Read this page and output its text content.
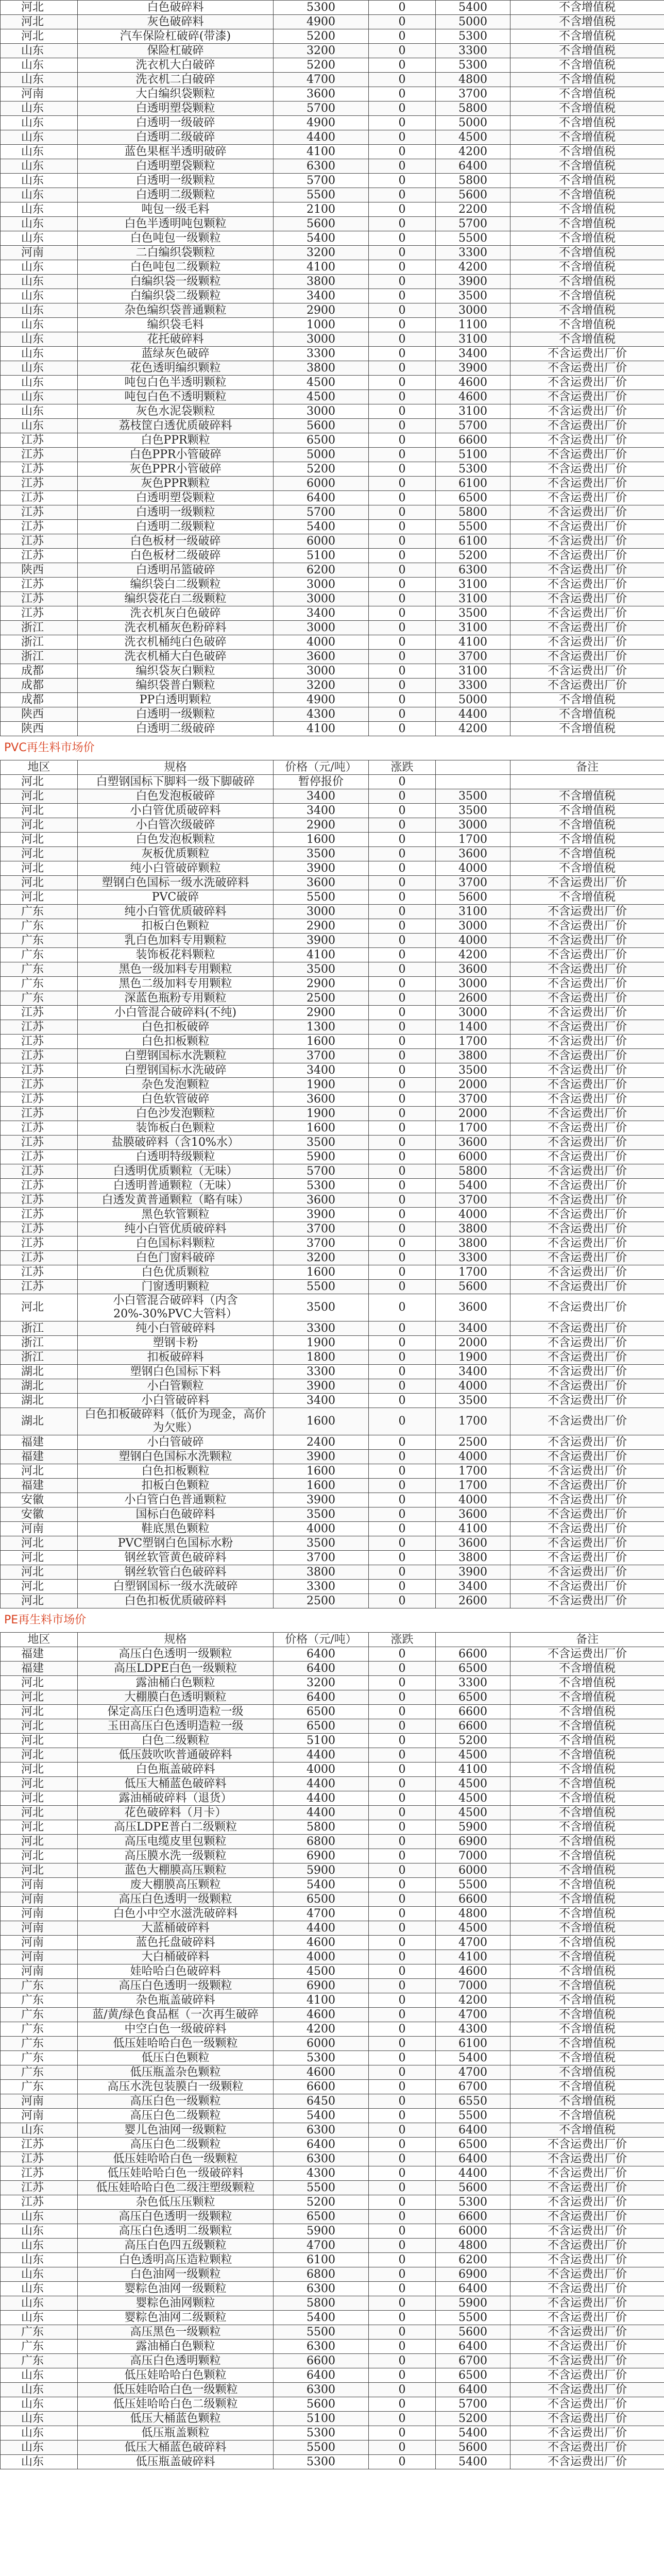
河北	白色破碎料	5300	0	5400	不含增值税
河北	灰色破碎料	4900	0	5000	不含增值税
河北	汽车保险杠破碎(带漆)	5200	0	5300	不含增值税
山东	保险杠破碎	3200	0	3300	不含增值税
山东	洗衣机大白破碎	5200	0	5300	不含增值税
山东	洗衣机二白破碎	4700	0	4800	不含增值税
河南	大白编织袋颗粒	3600	0	3700	不含增值税
山东	白透明塑袋颗粒	5700	0	5800	不含增值税
山东	白透明一级破碎	4900	0	5000	不含增值税
山东	白透明二级破碎	4400	0	4500	不含增值税
山东	蓝色果框半透明破碎	4100	0	4200	不含增值税
山东	白透明塑袋颗粒	6300	0	6400	不含增值税
山东	白透明一级颗粒	5700	0	5800	不含增值税
山东	白透明二级颗粒	5500	0	5600	不含增值税
山东	吨包一级毛料	2100	0	2200	不含增值税
山东	白色半透明吨包颗粒	5600	0	5700	不含增值税
山东	白色吨包一级颗粒	5400	0	5500	不含增值税
河南	二白编织袋颗粒	3200	0	3300	不含增值税
山东	白色吨包二级颗粒	4100	0	4200	不含增值税
山东	白编织袋一级颗粒	3800	0	3900	不含增值税
山东	白编织袋二级颗粒	3400	0	3500	不含增值税
山东	杂色编织袋普通颗粒	2900	0	3000	不含增值税
山东	编织袋毛料	1000	0	1100	不含增值税
山东	花托破碎料	3000	0	3100	不含增值税
山东	蓝绿灰色破碎	3300	0	3400	不含运费出厂价
山东	花色透明编织颗粒	3800	0	3900	不含运费出厂价
山东	吨包白色半透明颗粒	4500	0	4600	不含运费出厂价
山东	吨包白色不透明颗粒	4500	0	4600	不含运费出厂价
山东	灰色水泥袋颗粒	3000	0	3100	不含运费出厂价
山东	荔枝筐白透优质破碎料	5600	0	5700	不含运费出厂价
江苏	白色PPR颗粒	6500	0	6600	不含运费出厂价
江苏	白色PPR小管破碎	5000	0	5100	不含运费出厂价
江苏	灰色PPR小管破碎	5200	0	5300	不含运费出厂价
江苏	灰色PPR颗粒	6000	0	6100	不含运费出厂价
江苏	白透明塑袋颗粒	6400	0	6500	不含运费出厂价
江苏	白透明一级颗粒	5700	0	5800	不含运费出厂价
江苏	白透明二级颗粒	5400	0	5500	不含运费出厂价
江苏	白色板材一级破碎	6000	0	6100	不含运费出厂价
江苏	白色板材二级破碎	5100	0	5200	不含运费出厂价
陕西	白透明吊篮破碎	6200	0	6300	不含运费出厂价
江苏	编织袋白二级颗粒	3000	0	3100	不含运费出厂价
江苏	编织袋花白二级颗粒	3000	0	3100	不含运费出厂价
江苏	洗衣机灰白色破碎	3400	0	3500	不含运费出厂价
浙江	洗衣机桶灰色粉碎料	3000	0	3100	不含运费出厂价
浙江	洗衣机桶纯白色破碎	4000	0	4100	不含运费出厂价
浙江	洗衣机桶大白色破碎	3600	0	3700	不含运费出厂价
成都	编织袋灰白颗粒	3000	0	3100	不含运费出厂价
成都	编织袋普白颗粒	3200	0	3300	不含运费出厂价
成都	PP白透明颗粒	4900	0	5000	不含增值税
陕西	白透明一级颗粒	4300	0	4400	不含增值税
陕西	白透明二级破碎	4100	0	4200	不含增值税
PVC再生料市场价
地区	规格	价格（元/吨）	涨跌		备注
河北	白塑钢国标下脚料一级下脚破碎	暂停报价	0		
河北	白色发泡板破碎	3400	0	3500	不含增值税
河北	小白管优质破碎料	3400	0	3500	不含增值税
河北	小白管次级破碎	2900	0	3000	不含增值税
河北	白色发泡板颗粒	1600	0	1700	不含增值税
河北	灰板优质颗粒	3500	0	3600	不含增值税
河北	纯小白管破碎颗粒	3900	0	4000	不含增值税
河北	塑钢白色国标一级水洗破碎料	3600	0	3700	不含运费出厂价
河北	PVC破碎	5500	0	5600	不含增值税
广东	纯小白管优质破碎料	3000	0	3100	不含运费出厂价
广东	扣板白色颗粒	2900	0	3000	不含运费出厂价
广东	乳白色加料专用颗粒	3900	0	4000	不含运费出厂价
广东	装饰板花料颗粒	4100	0	4200	不含运费出厂价
广东	黑色一级加料专用颗粒	3500	0	3600	不含运费出厂价
广东	黑色二级加料专用颗粒	2900	0	3000	不含运费出厂价
广东	深蓝色瓶粉专用颗粒	2500	0	2600	不含运费出厂价
江苏	小白管混合破碎料(不纯)	2900	0	3000	不含运费出厂价
江苏	白色扣板破碎	1300	0	1400	不含运费出厂价
江苏	白色扣板颗粒	1600	0	1700	不含运费出厂价
江苏	白塑钢国标水洗颗粒	3700	0	3800	不含运费出厂价
江苏	白塑钢国标水洗破碎	3400	0	3500	不含运费出厂价
江苏	杂色发泡颗粒	1900	0	2000	不含运费出厂价
江苏	白色软管破碎	3600	0	3700	不含运费出厂价
江苏	白色沙发泡颗粒	1900	0	2000	不含运费出厂价
江苏	装饰板白色颗粒	1600	0	1700	不含运费出厂价
江苏	盐膜破碎料（含10%水）	3500	0	3600	不含运费出厂价
江苏	白透明特级颗粒	5900	0	6000	不含运费出厂价
江苏	白透明优质颗粒（无味）	5700	0	5800	不含运费出厂价
江苏	白透明普通颗粒（无味）	5300	0	5400	不含运费出厂价
江苏	白透发黄普通颗粒（略有味）	3600	0	3700	不含运费出厂价
江苏	黑色软管颗粒	3900	0	4000	不含运费出厂价
江苏	纯小白管优质破碎料	3700	0	3800	不含运费出厂价
江苏	白色国标料颗粒	3700	0	3800	不含运费出厂价
江苏	白色门窗料破碎	3200	0	3300	不含运费出厂价
江苏	白色优质颗粒	1600	0	1700	不含运费出厂价
江苏	门窗透明颗粒	5500	0	5600	不含运费出厂价
河北	小白管混合破碎料（内含20%-30%PVC大管料）	3500	0	3600	不含运费出厂价
浙江	纯小白管破碎料	3300	0	3400	不含运费出厂价
浙江	塑钢卡粉	1900	0	2000	不含运费出厂价
浙江	扣板破碎料	1800	0	1900	不含运费出厂价
湖北	塑钢白色国标下料	3300	0	3400	不含运费出厂价
湖北	小白管颗粒	3900	0	4000	不含运费出厂价
湖北	小白管破碎料	3400	0	3500	不含运费出厂价
湖北	白色扣板破碎料（低价为现金，高价为欠账）	1600	0	1700	不含运费出厂价
福建	小白管破碎	2400	0	2500	不含运费出厂价
福建	塑钢白色国标水洗颗粒	3900	0	4000	不含运费出厂价
河北	白色扣板颗粒	1600	0	1700	不含运费出厂价
福建	扣板白色颗粒	1600	0	1700	不含运费出厂价
安徽	小白管白色普通颗粒	3900	0	4000	不含运费出厂价
安徽	国标白色破碎料	3500	0	3600	不含运费出厂价
河南	鞋底黑色颗粒	4000	0	4100	不含运费出厂价
河北	PVC塑钢白色国标水粉	3500	0	3600	不含运费出厂价
河北	钢丝软管黄色破碎料	3700	0	3800	不含运费出厂价
河北	钢丝软管白色破碎料	3800	0	3900	不含运费出厂价
河北	白塑钢国标一级水洗破碎	3300	0	3400	不含运费出厂价
河北	白色扣板优质破碎料	2500	0	2600	不含运费出厂价
PE再生料市场价
地区	规格	价格（元/吨）	涨跌		备注
福建	高压白色透明一级颗粒	6400	0	6600	不含运费出厂价
福建	高压LDPE白色一级颗粒	6400	0	6500	不含增值税
河北	露油桶白色颗粒	3200	0	3300	不含增值税
河北	大棚膜白色透明颗粒	6400	0	6500	不含增值税
河北	保定高压白色透明造粒一级	6500	0	6600	不含增值税
河北	玉田高压白色透明造粒一级	6500	0	6600	不含增值税
河北	白色二级颗粒	5100	0	5200	不含增值税
河北	低压鼓吹吹普通破碎料	4400	0	4500	不含增值税
河北	白色瓶盖破碎料	4000	0	4100	不含增值税
河北	低压大桶蓝色破碎料	4400	0	4500	不含增值税
河北	露油桶破碎料（退货）	4400	0	4500	不含增值税
河北	花色破碎料（月卡）	4400	0	4500	不含增值税
河北	高压LDPE普白二级颗粒	5800	0	5900	不含增值税
河北	高压电缆皮里包颗粒	6800	0	6900	不含增值税
河北	高压膜水洗一级颗粒	6900	0	7000	不含增值税
河北	蓝色大棚膜高压颗粒	5900	0	6000	不含增值税
河南	废大棚膜高压颗粒	5400	0	5500	不含增值税
河南	高压白色透明一级颗粒	6500	0	6600	不含增值税
河南	白色小中空水滋洗破碎料	4700	0	4800	不含增值税
河南	大蓝桶破碎料	4400	0	4500	不含增值税
河南	蓝色托盘破碎料	4600	0	4700	不含增值税
河南	大白桶破碎料	4000	0	4100	不含增值税
河南	娃哈哈白色破碎料	4500	0	4600	不含增值税
广东	高压白色透明一级颗粒	6900	0	7000	不含增值税
广东	杂色瓶盖破碎料	4100	0	4200	不含增值税
广东	蓝/黄/绿色食品框（一次再生破碎	4600	0	4700	不含增值税
广东	中空白色一级破碎料	4200	0	4300	不含增值税
广东	低压娃哈哈白色一级颗粒	6000	0	6100	不含增值税
广东	低压白色颗粒	5300	0	5400	不含增值税
广东	低压瓶盖杂色颗粒	4600	0	4700	不含增值税
广东	高压水洗包装膜白一级颗粒	6600	0	6700	不含增值税
河南	高压白色一级颗粒	6450	0	6550	不含增值税
河南	高压白色二级颗粒	5400	0	5500	不含增值税
山东	婴儿色油网一级颗粒	6300	0	6400	不含增值税
江苏	高压白色二级颗粒	6400	0	6500	不含运费出厂价
江苏	低压娃哈哈白色一级颗粒	6300	0	6400	不含运费出厂价
江苏	低压娃哈哈白色一级破碎料	4300	0	4400	不含运费出厂价
江苏	低压娃哈哈白色二级注塑级颗粒	5500	0	5600	不含运费出厂价
江苏	杂色低压压颗粒	5200	0	5300	不含运费出厂价
山东	高压白色透明一级颗粒	6500	0	6600	不含运费出厂价
山东	高压白色透明二级颗粒	5900	0	6000	不含运费出厂价
山东	高压白色四五级颗粒	4700	0	4800	不含运费出厂价
山东	白色透明高压造粒颗粒	6100	0	6200	不含运费出厂价
山东	白色油网一级颗粒	6800	0	6900	不含运费出厂价
山东	婴粽色油网一级颗粒	6300	0	6400	不含运费出厂价
山东	婴粽色油网颗粒	5800	0	5900	不含运费出厂价
山东	婴粽色油网二级颗粒	5400	0	5500	不含运费出厂价
广东	高压黑色一级颗粒	5500	0	5600	不含运费出厂价
广东	露油桶白色颗粒	6300	0	6400	不含运费出厂价
广东	高压白色透明颗粒	6600	0	6700	不含运费出厂价
山东	低压娃哈哈白色颗粒	6400	0	6500	不含运费出厂价
山东	低压娃哈哈白色一级颗粒	6300	0	6400	不含运费出厂价
山东	低压娃哈哈白色二级颗粒	5600	0	5700	不含运费出厂价
山东	低压大桶蓝色颗粒	5100	0	5200	不含运费出厂价
山东	低压瓶盖颗粒	5300	0	5400	不含运费出厂价
山东	低压大桶蓝色破碎料	5500	0	5600	不含运费出厂价
山东	低压瓶盖破碎料	5300	0	5400	不含运费出厂价
